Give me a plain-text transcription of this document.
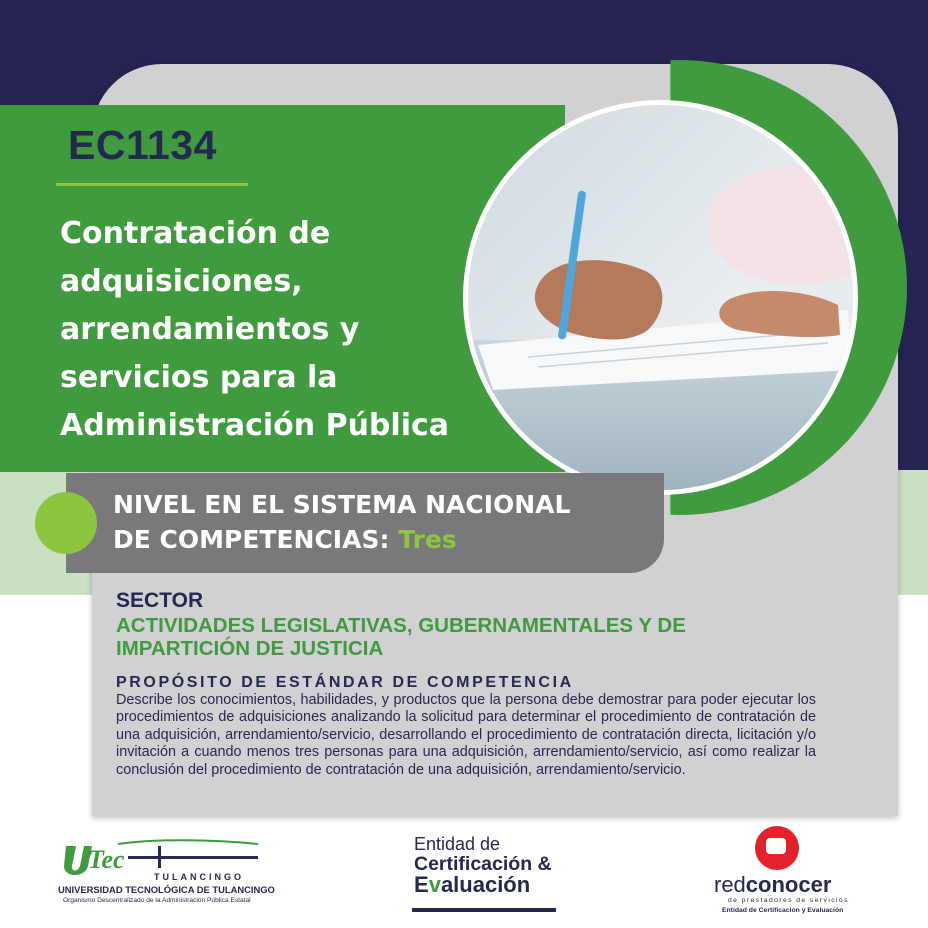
EC1134
Contratación de
adquisiciones,
arrendamientos y
servicios para la
Administración Pública
NIVEL EN EL SISTEMA NACIONAL
DE COMPETENCIAS: Tres
SECTOR
ACTIVIDADES LEGISLATIVAS, GUBERNAMENTALES Y DE IMPARTICIÓN DE JUSTICIA
PROPÓSITO DE ESTÁNDAR DE COMPETENCIA
Describe los conocimientos, habilidades, y productos que la persona debe demostrar para poder ejecutar los procedimientos de adquisiciones analizando la solicitud para determinar el procedimiento de contratación de una adquisición, arrendamiento/servicio, desarrollando el procedimiento de contratación directa, licitación y/o invitación a cuando menos tres personas para una adquisición, arrendamiento/servicio, así como realizar la conclusión del procedimiento de contratación de una adquisición, arrendamiento/servicio.
Tec
TULANCINGO
UNIVERSIDAD TECNOLÓGICA DE TULANCINGO
Organismo Descentralizado de la Administración Pública Estatal
Entidad de
Certificación &
Evaluación	redconocer
de prestadores de servicios
Entidad de Certificación y Evaluación
